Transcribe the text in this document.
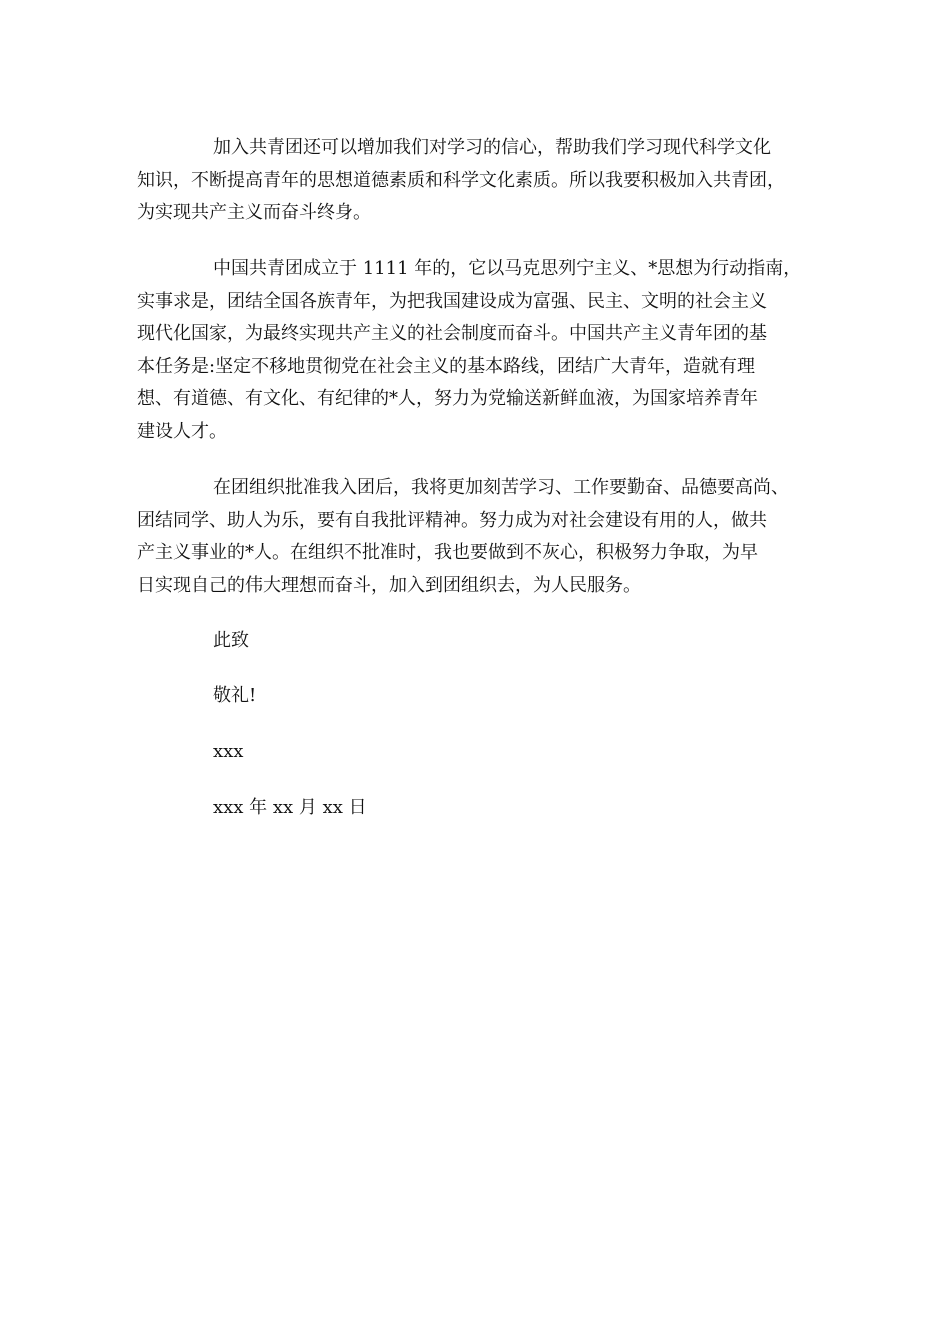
加入共青团还可以增加我们对学习的信心，帮助我们学习现代科学文化
知识，不断提高青年的思想道德素质和科学文化素质。所以我要积极加入共青团，
为实现共产主义而奋斗终身。

中国共青团成立于 1111 年的，它以马克思列宁主义、*思想为行动指南，
实事求是，团结全国各族青年，为把我国建设成为富强、民主、文明的社会主义
现代化国家，为最终实现共产主义的社会制度而奋斗。中国共产主义青年团的基
本任务是:坚定不移地贯彻党在社会主义的基本路线，团结广大青年，造就有理
想、有道德、有文化、有纪律的*人，努力为党输送新鲜血液，为国家培养青年
建设人才。

在团组织批准我入团后，我将更加刻苦学习、工作要勤奋、品德要高尚、
团结同学、助人为乐，要有自我批评精神。努力成为对社会建设有用的人，做共
产主义事业的*人。在组织不批准时，我也要做到不灰心，积极努力争取，为早
日实现自己的伟大理想而奋斗，加入到团组织去，为人民服务。

此致

敬礼!

xxx

xxx 年 xx 月 xx 日
